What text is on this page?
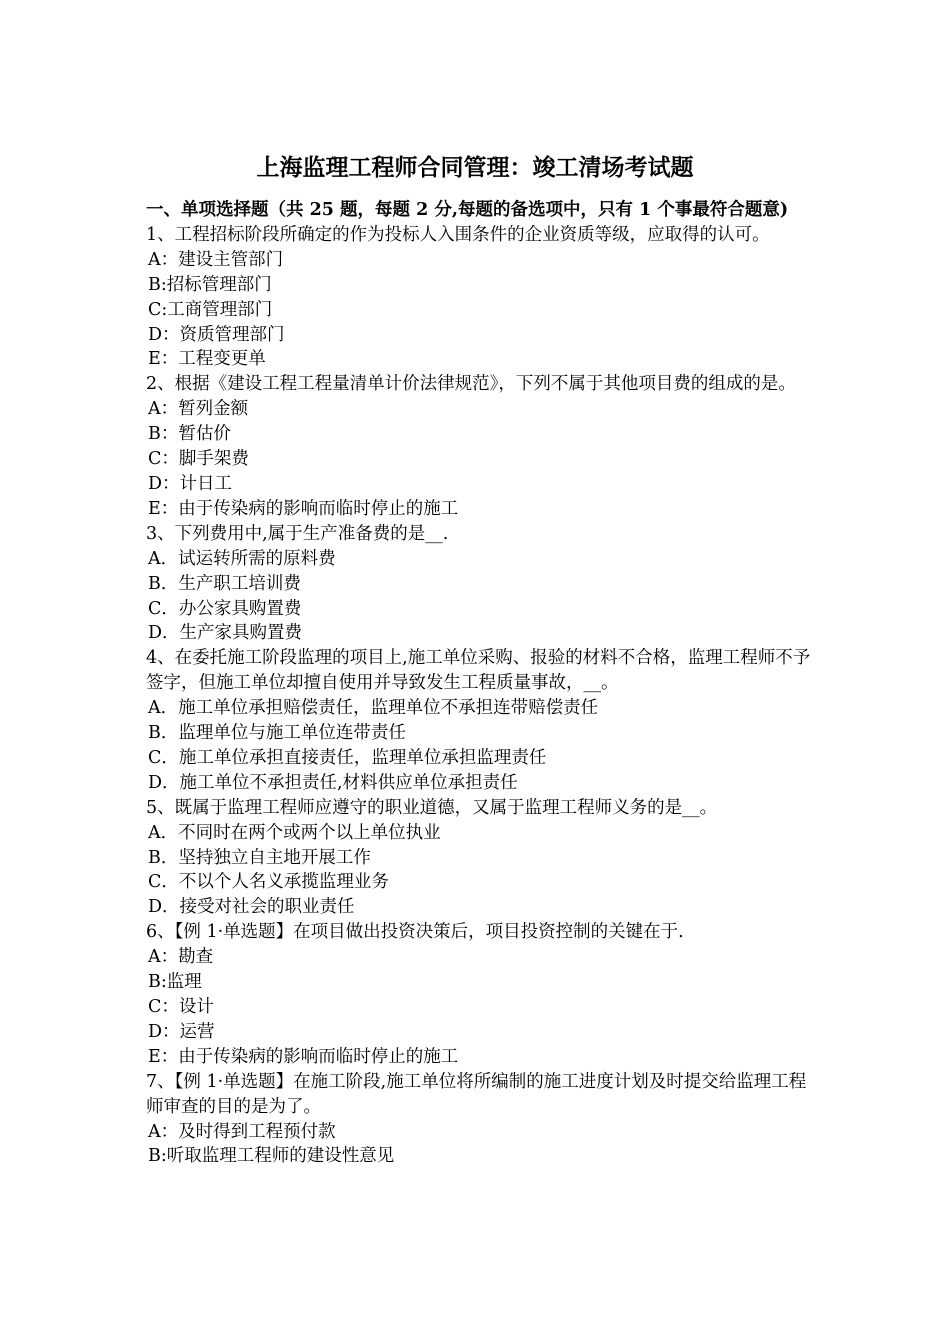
上海监理工程师合同管理：竣工清场考试题

一、单项选择题（共 25 题，每题 2 分,每题的备选项中，只有 1 个事最符合题意)

1、工程招标阶段所确定的作为投标人入围条件的企业资质等级，应取得的认可。

A：建设主管部门

B:招标管理部门

C:工商管理部门

D：资质管理部门

E：工程变更单

2、根据《建设工程工程量清单计价法律规范》，下列不属于其他项目费的组成的是。

A：暂列金额

B：暂估价

C：脚手架费

D：计日工

E：由于传染病的影响而临时停止的施工

3、下列费用中,属于生产准备费的是__.

A．试运转所需的原料费

B．生产职工培训费

C．办公家具购置费

D．生产家具购置费

4、在委托施工阶段监理的项目上,施工单位采购、报验的材料不合格，监理工程师不予签字，但施工单位却擅自使用并导致发生工程质量事故，__。

A．施工单位承担赔偿责任，监理单位不承担连带赔偿责任

B．监理单位与施工单位连带责任

C．施工单位承担直接责任，监理单位承担监理责任

D．施工单位不承担责任,材料供应单位承担责任

5、既属于监理工程师应遵守的职业道德，又属于监理工程师义务的是__。

A．不同时在两个或两个以上单位执业

B．坚持独立自主地开展工作

C．不以个人名义承揽监理业务

D．接受对社会的职业责任

6、【例 1·单选题】在项目做出投资决策后，项目投资控制的关键在于.

A：勘查

B:监理

C：设计

D：运营

E：由于传染病的影响而临时停止的施工

7、【例 1·单选题】在施工阶段,施工单位将所编制的施工进度计划及时提交给监理工程师审查的目的是为了。

A：及时得到工程预付款

B:听取监理工程师的建设性意见
